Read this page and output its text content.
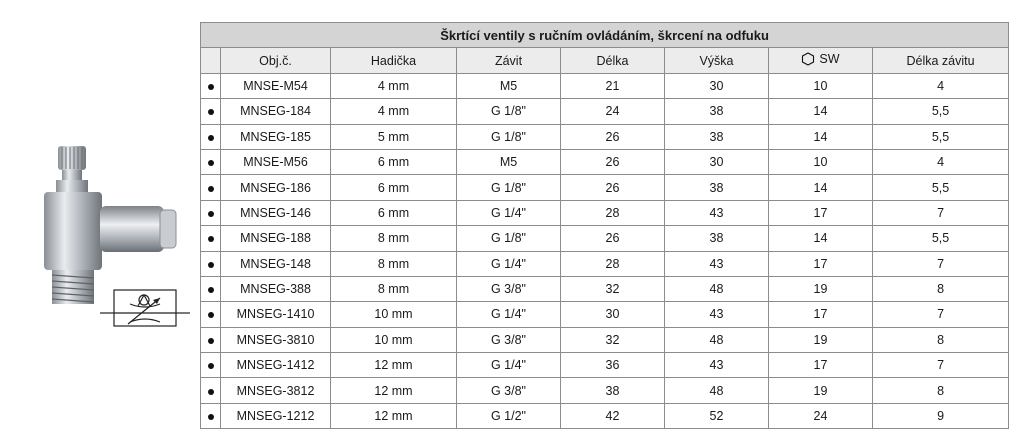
Škrtící ventily s ručním ovládáním, škrcení na odfuku							
	Obj.č.	Hadička	Závit	Délka	Výška	SW	Délka závitu
	MNSE-M54	4 mm	M5	21	30	10	4
	MNSEG-184	4 mm	G 1/8"	24	38	14	5,5
	MNSEG-185	5 mm	G 1/8"	26	38	14	5,5
	MNSE-M56	6 mm	M5	26	30	10	4
	MNSEG-186	6 mm	G 1/8"	26	38	14	5,5
	MNSEG-146	6 mm	G 1/4"	28	43	17	7
	MNSEG-188	8 mm	G 1/8"	26	38	14	5,5
	MNSEG-148	8 mm	G 1/4"	28	43	17	7
	MNSEG-388	8 mm	G 3/8"	32	48	19	8
	MNSEG-1410	10 mm	G 1/4"	30	43	17	7
	MNSEG-3810	10 mm	G 3/8"	32	48	19	8
	MNSEG-1412	12 mm	G 1/4"	36	43	17	7
	MNSEG-3812	12 mm	G 3/8"	38	48	19	8
	MNSEG-1212	12 mm	G 1/2"	42	52	24	9
